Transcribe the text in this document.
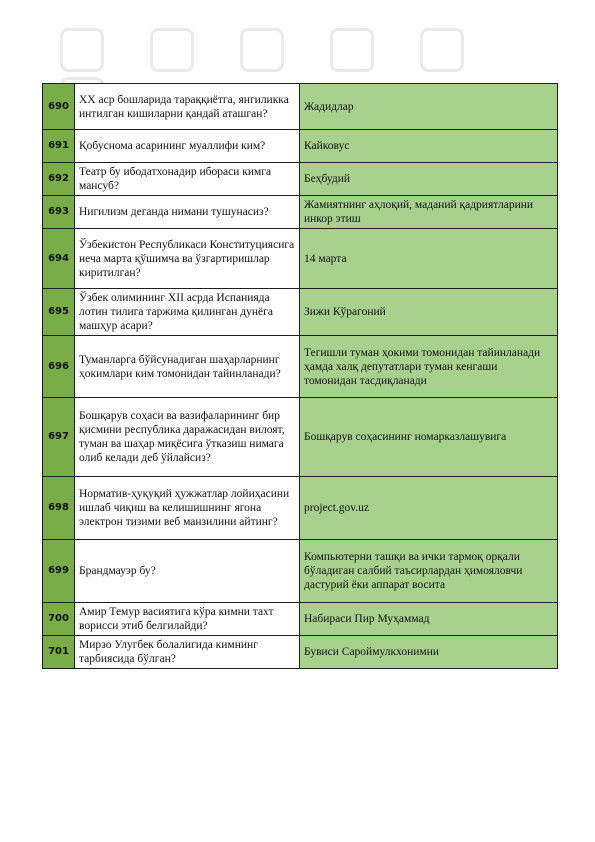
690	XX аср бошларида тараққиётга, янгиликка интилган кишиларни қандай аташган?	Жадидлар
691	Қобуснома асарининг муаллифи ким?	Кайковус
692	Театр бу ибодатхонадир ибораси кимга мансуб?	Беҳбудий
693	Нигилизм деганда нимани тушунасиз?	Жамиятнинг аҳлоқий, маданий қадриятларини инкор этиш
694	Ўзбекистон Республикаси Конституциясига неча марта қўшимча ва ўзгартиришлар киритилган?	14 марта
695	Ўзбек олимининг XII асрда Испанияда лотин тилига таржима қилинган дунёга машҳур асари?	Зижи Кўрагоний
696	Туманларга бўйсунадиган шаҳарларнинг ҳокимлари ким томонидан тайинланади?	Тегишли туман ҳокими томонидан тайинланади ҳамда халқ депутатлари туман кенгаши томонидан тасдиқланади
697	Бошқарув соҳаси ва вазифаларининг бир қисмини республика даражасидан вилоят, туман ва шаҳар миқёсига ўтказиш нимага олиб келади деб ўйлайсиз?	Бошқарув соҳасининг номарказлашувига
698	Норматив-ҳуқуқий ҳужжатлар лойиҳасини ишлаб чиқиш ва келишишнинг ягона электрон тизими веб манзилини айтинг?	project.gov.uz
699	Брандмауэр бу?	Компьютерни ташқи ва ички тармоқ орқали бўладиган салбий таъсирлардан ҳимояловчи дастурий ёки аппарат восита
700	Амир Темур васиятига кўра кимни тахт ворисси этиб белгилайди?	Набираси Пир Муҳаммад
701	Мирзо Улугбек болалигида кимнинг тарбиясида бўлган?	Бувиси Сароймулкхонимни
